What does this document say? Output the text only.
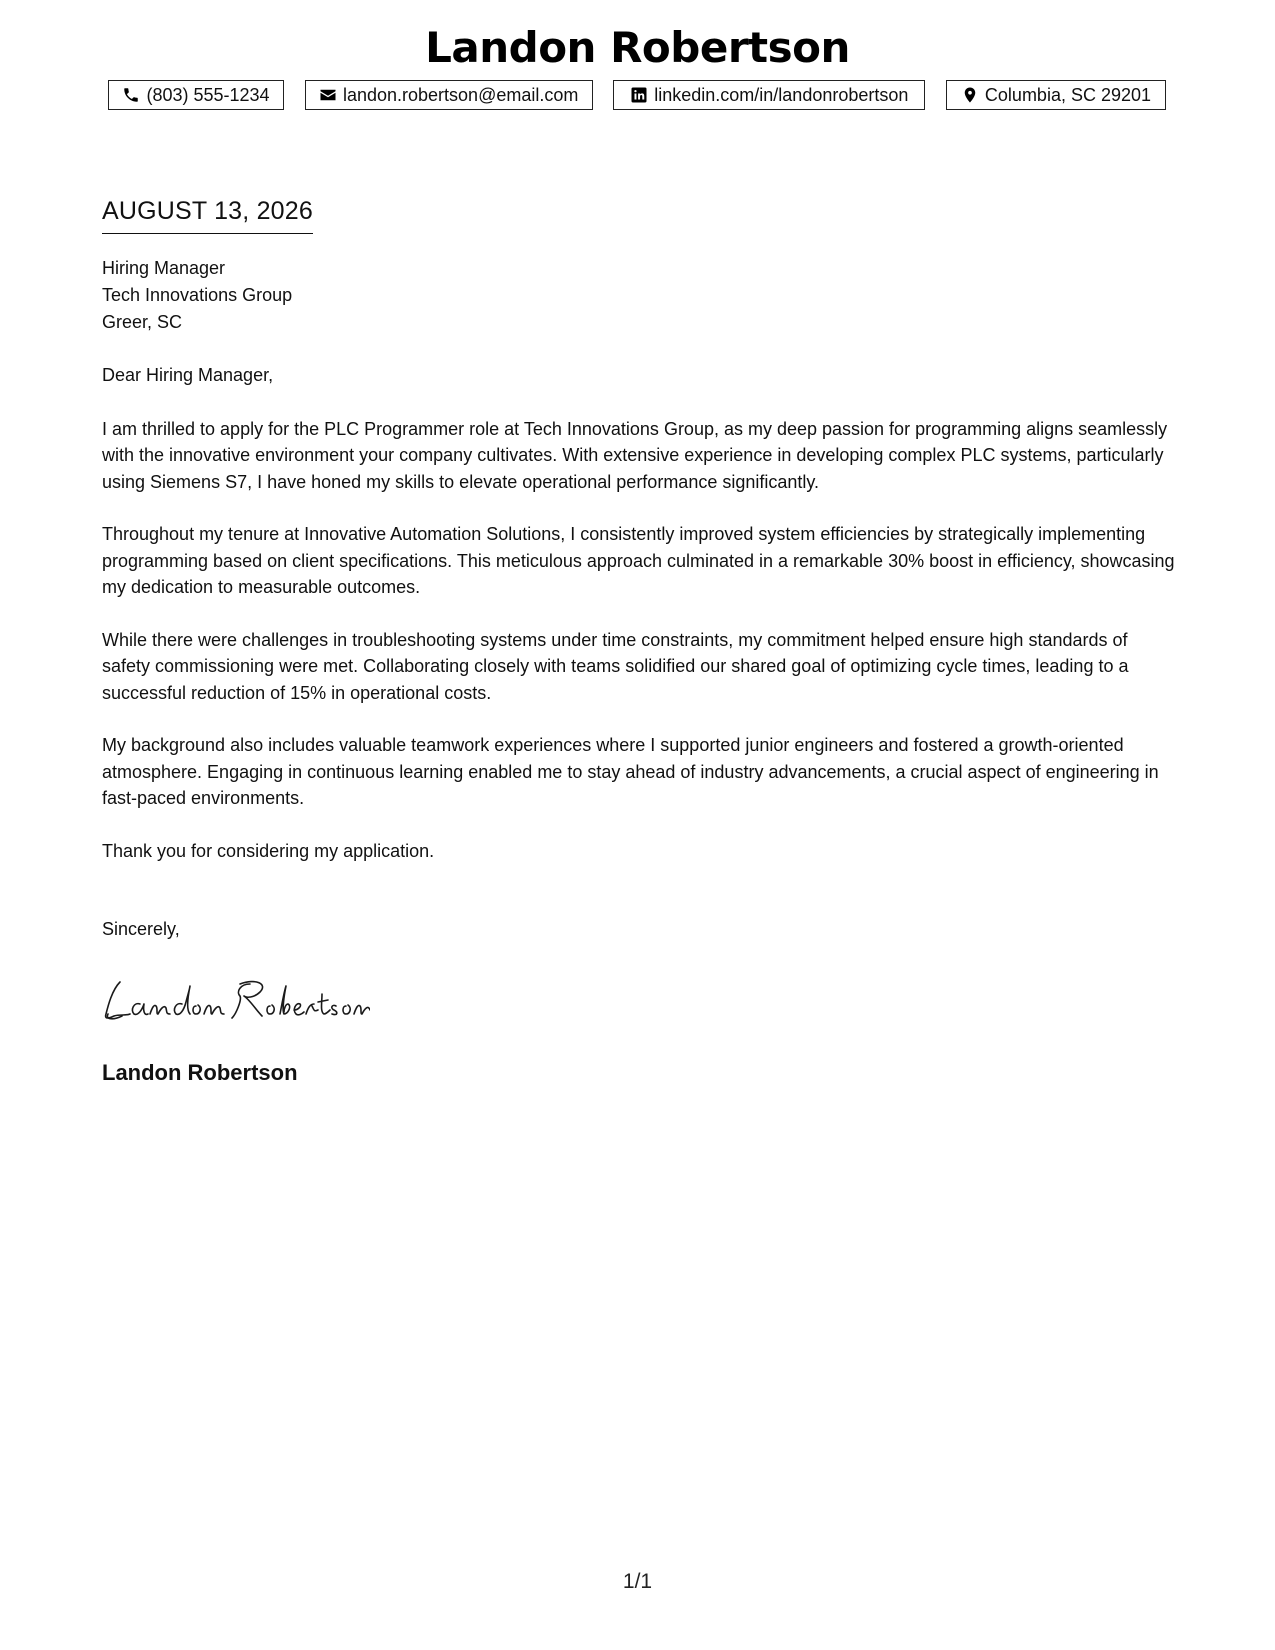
Landon Robertson
(803) 555-1234	landon.robertson@email.com	linkedin.com/in/landonrobertson	Columbia, SC 29201
AUGUST 13, 2026
Hiring Manager
Tech Innovations Group
Greer, SC

Dear Hiring Manager,

I am thrilled to apply for the PLC Programmer role at Tech Innovations Group, as my deep passion for programming aligns seamlessly with the innovative environment your company cultivates. With extensive experience in developing complex PLC systems, particularly using Siemens S7, I have honed my skills to elevate operational performance significantly.

Throughout my tenure at Innovative Automation Solutions, I consistently improved system efficiencies by strategically implementing programming based on client specifications. This meticulous approach culminated in a remarkable 30% boost in efficiency, showcasing my dedication to measurable outcomes.

While there were challenges in troubleshooting systems under time constraints, my commitment helped ensure high standards of safety commissioning were met. Collaborating closely with teams solidified our shared goal of optimizing cycle times, leading to a successful reduction of 15% in operational costs.

My background also includes valuable teamwork experiences where I supported junior engineers and fostered a growth-oriented atmosphere. Engaging in continuous learning enabled me to stay ahead of industry advancements, a crucial aspect of engineering in fast-paced environments.

Thank you for considering my application.

Sincerely,
Landon Robertson
1/1
